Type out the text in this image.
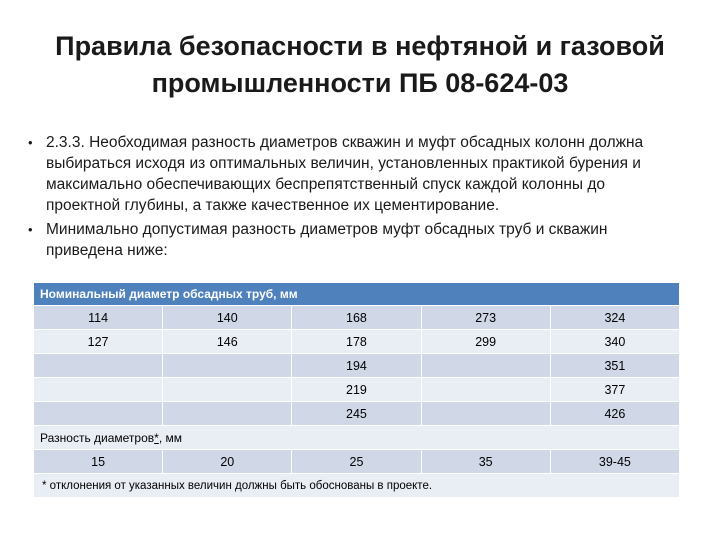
Правила безопасности в нефтяной и газовой
промышленности ПБ 08-624-03
• 2.3.3. Необходимая разность диаметров скважин и муфт обсадных колонн должна выбираться исходя из оптимальных величин, установленных практикой бурения и максимально обеспечивающих беспрепятственный спуск каждой колонны до проектной глубины, а также качественное их цементирование.
• Минимально допустимая разность диаметров муфт обсадных труб и скважин приведена ниже:
Номинальный диаметр обсадных труб, мм				
114	140	168	273	324
127	146	178	299	340
		194		351
		219		377
		245		426
Разность диаметров*, мм				
15	20	25	35	39-45
* отклонения от указанных величин должны быть обоснованы в проекте.				
